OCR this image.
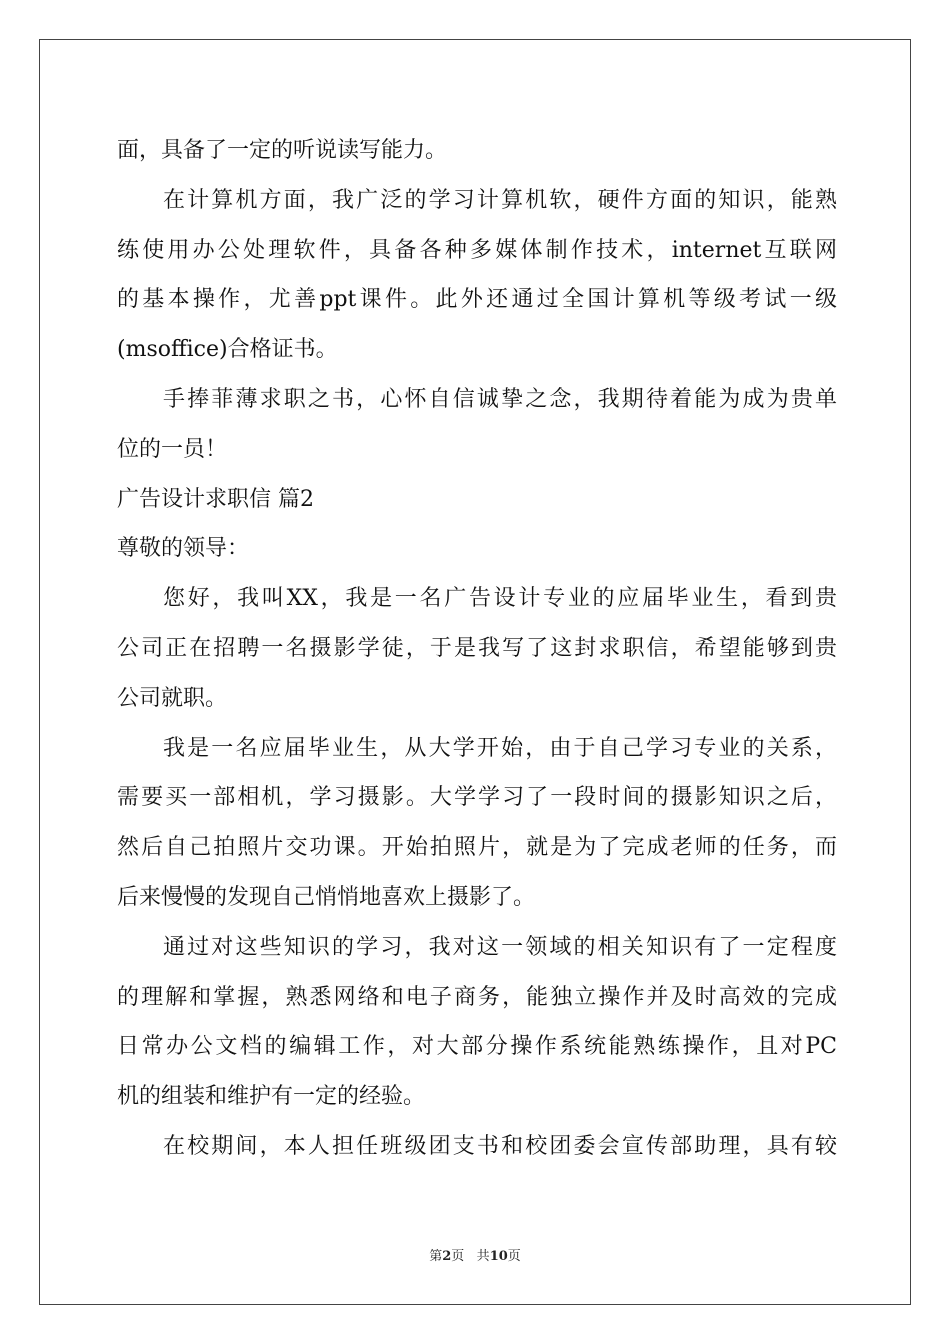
面，具备了一定的听说读写能力。
在计算机方面，我广泛的学习计算机软，硬件方面的知识，能熟
练使用办公处理软件，具备各种多媒体制作技术，internet互联网
的基本操作，尤善ppt课件。此外还通过全国计算机等级考试一级
(msoffice)合格证书。
手捧菲薄求职之书，心怀自信诚挚之念，我期待着能为成为贵单
位的一员！
广告设计求职信 篇2
尊敬的领导：
您好，我叫XX，我是一名广告设计专业的应届毕业生，看到贵
公司正在招聘一名摄影学徒，于是我写了这封求职信，希望能够到贵
公司就职。
我是一名应届毕业生，从大学开始，由于自己学习专业的关系，
需要买一部相机，学习摄影。大学学习了一段时间的摄影知识之后，
然后自己拍照片交功课。开始拍照片，就是为了完成老师的任务，而
后来慢慢的发现自己悄悄地喜欢上摄影了。
通过对这些知识的学习，我对这一领域的相关知识有了一定程度
的理解和掌握，熟悉网络和电子商务，能独立操作并及时高效的完成
日常办公文档的编辑工作，对大部分操作系统能熟练操作，且对PC
机的组装和维护有一定的经验。
在校期间，本人担任班级团支书和校团委会宣传部助理，具有较
第2页 共10页
